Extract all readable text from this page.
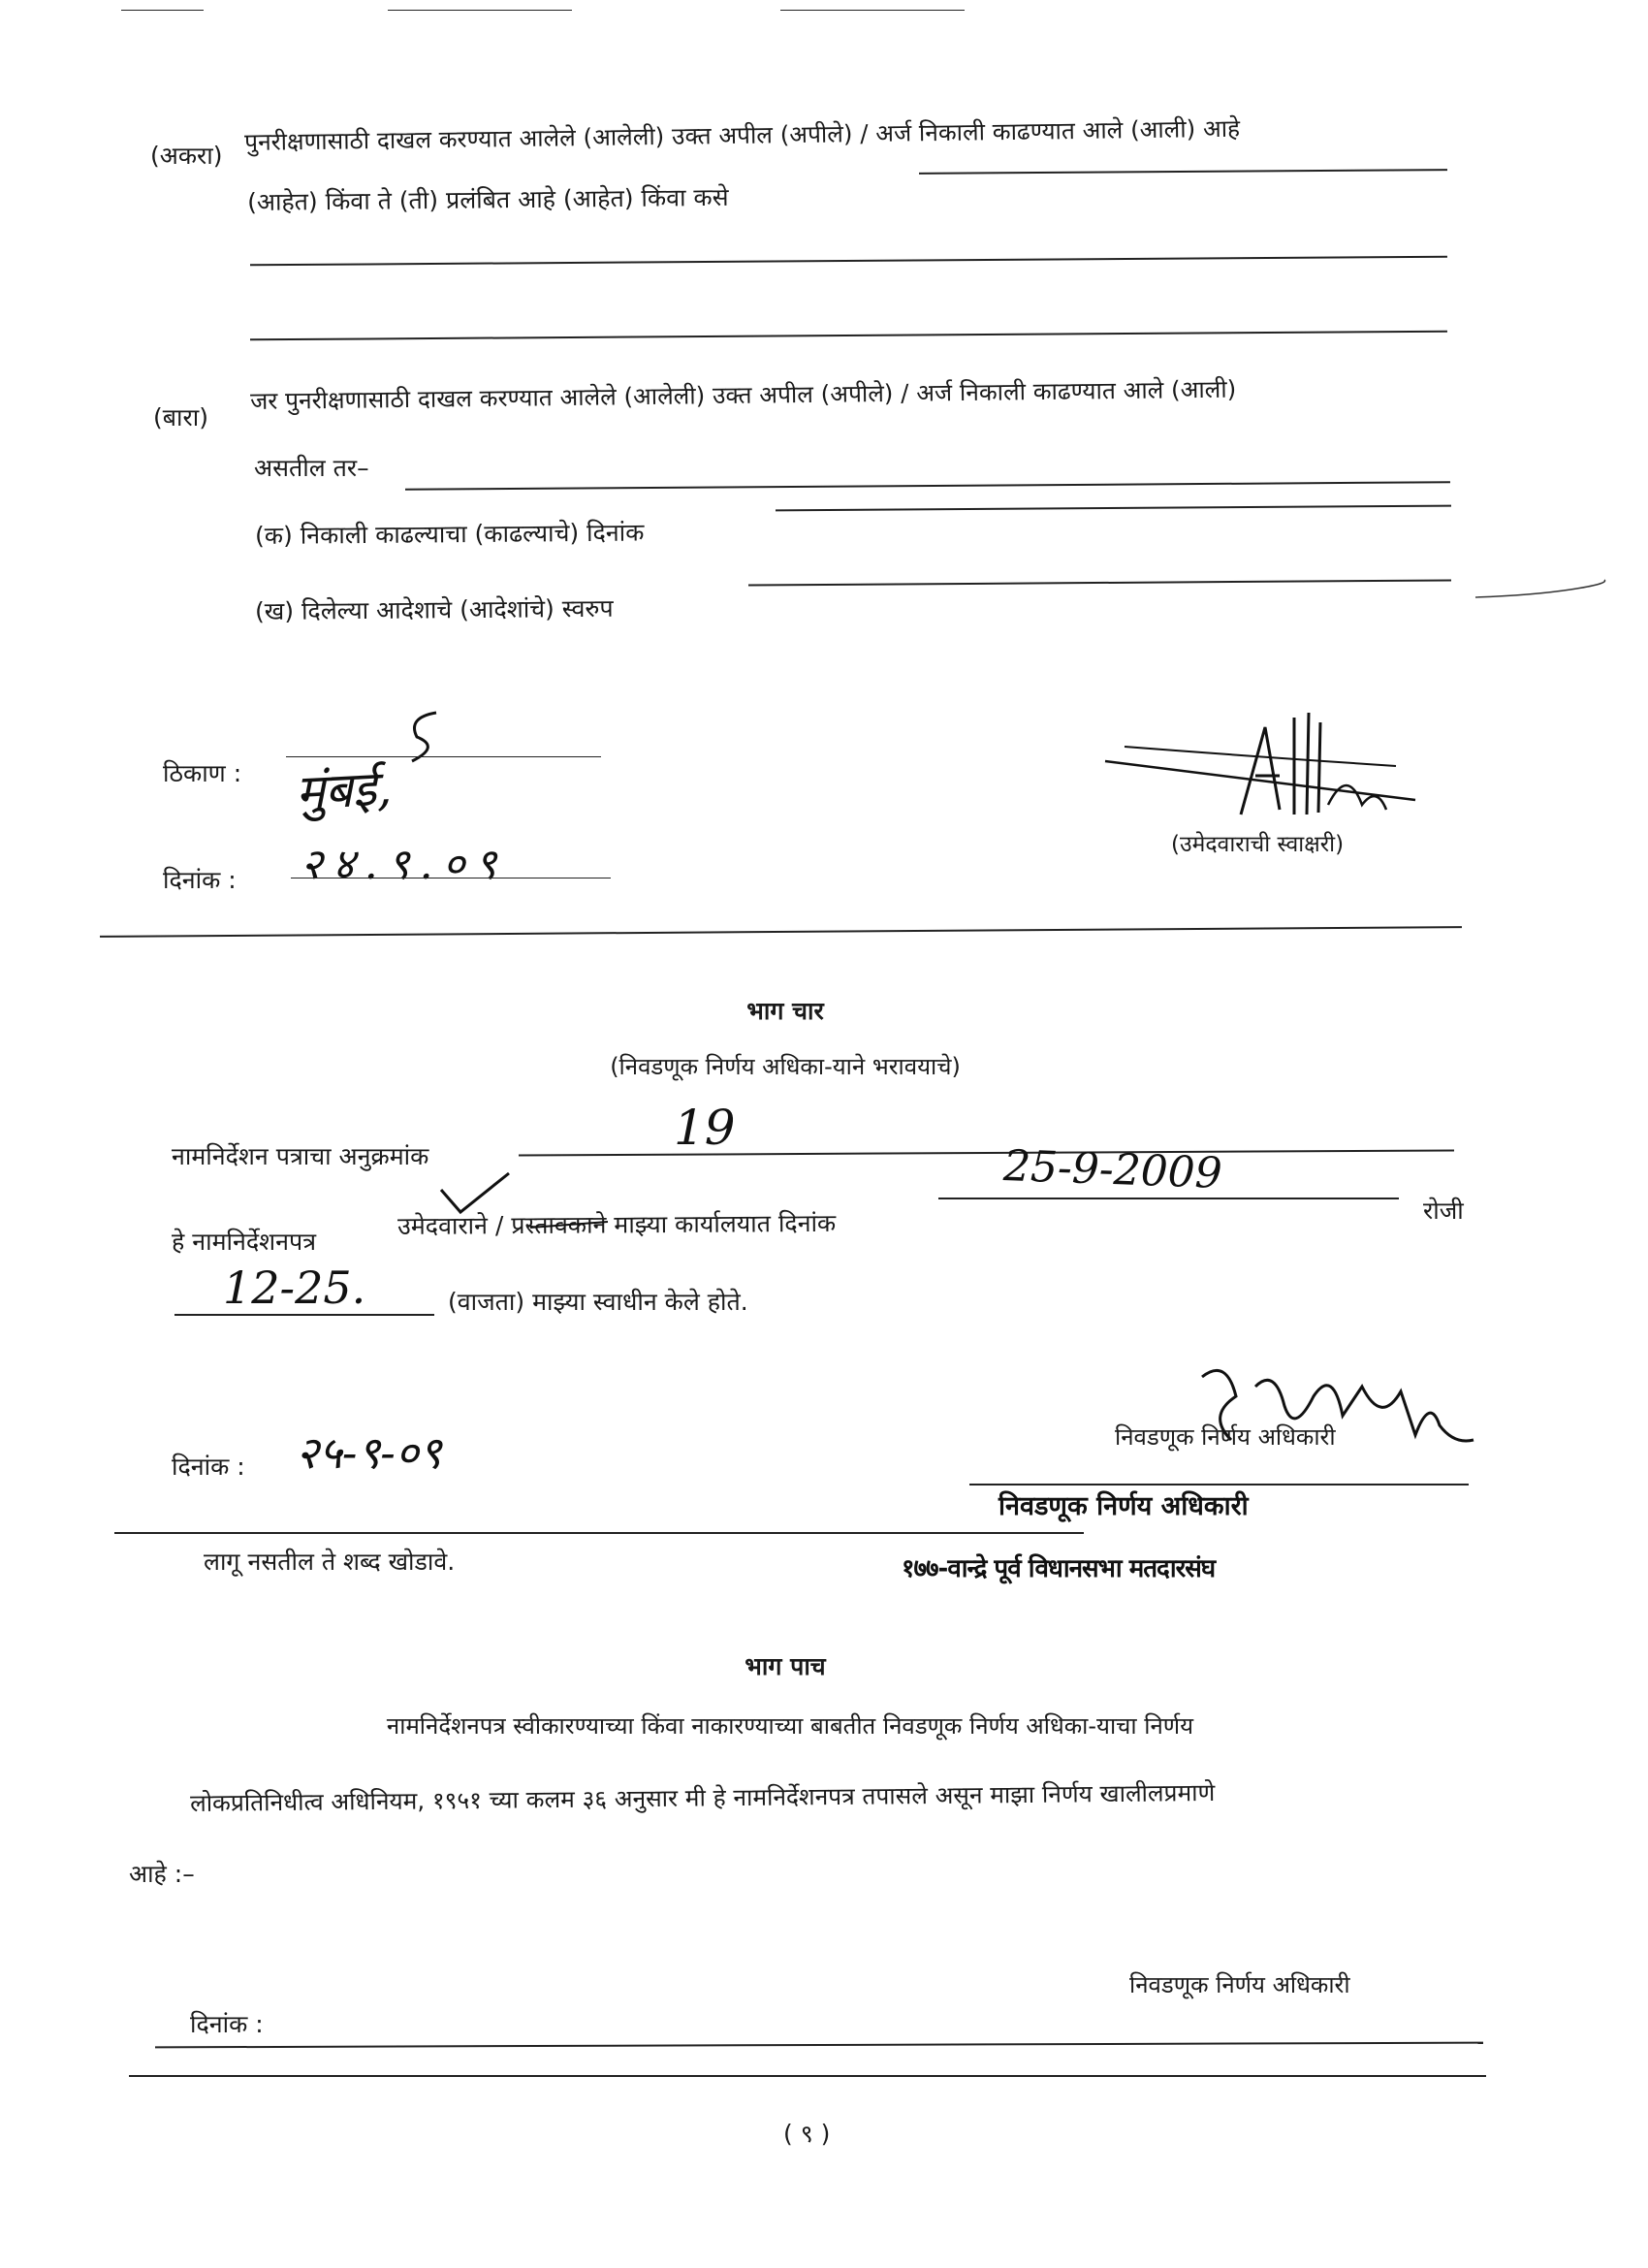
(अकरा) पुनरीक्षणासाठी दाखल करण्यात आलेले (आलेली) उक्त अपील (अपीले) / अर्ज निकाली काढण्यात आले (आली) आहे
(आहेत) किंवा ते (ती) प्रलंबित आहे (आहेत) किंवा कसे
(बारा)
जर पुनरीक्षणासाठी दाखल करण्यात आलेले (आलेली) उक्त अपील (अपीले) / अर्ज निकाली काढण्यात आले (आली)
असतील तर–
(क) निकाली काढल्याचा (काढल्याचे) दिनांक
(ख) दिलेल्या आदेशाचे (आदेशांचे) स्वरुप
ठिकाण : मुंबई,
दिनांक : २४.९.०९	(उमेदवाराची स्वाक्षरी)
भाग चार
(निवडणूक निर्णय अधिका-याने भरावयाचे)
नामनिर्देशन पत्राचा अनुक्रमांक
19
हे नामनिर्देशनपत्र
उमेदवाराने / प्रस्तावकाने माझ्या कार्यालयात दिनांक
25-9-2009
रोजी
12-25.	(वाजता) माझ्या स्वाधीन केले होते.
निवडणूक निर्णय अधिकारी
दिनांक : २५-९-०९
निवडणूक निर्णय अधिकारी
लागू नसतील ते शब्द खोडावे.	१७७-वान्द्रे पूर्व विधानसभा मतदारसंघ
भाग पाच
नामनिर्देशनपत्र स्वीकारण्याच्या किंवा नाकारण्याच्या बाबतीत निवडणूक निर्णय अधिका-याचा निर्णय
लोकप्रतिनिधीत्व अधिनियम, १९५१ च्या कलम ३६ अनुसार मी हे नामनिर्देशनपत्र तपासले असून माझा निर्णय खालीलप्रमाणे
आहे :–
निवडणूक निर्णय अधिकारी
दिनांक :
( ९ )
